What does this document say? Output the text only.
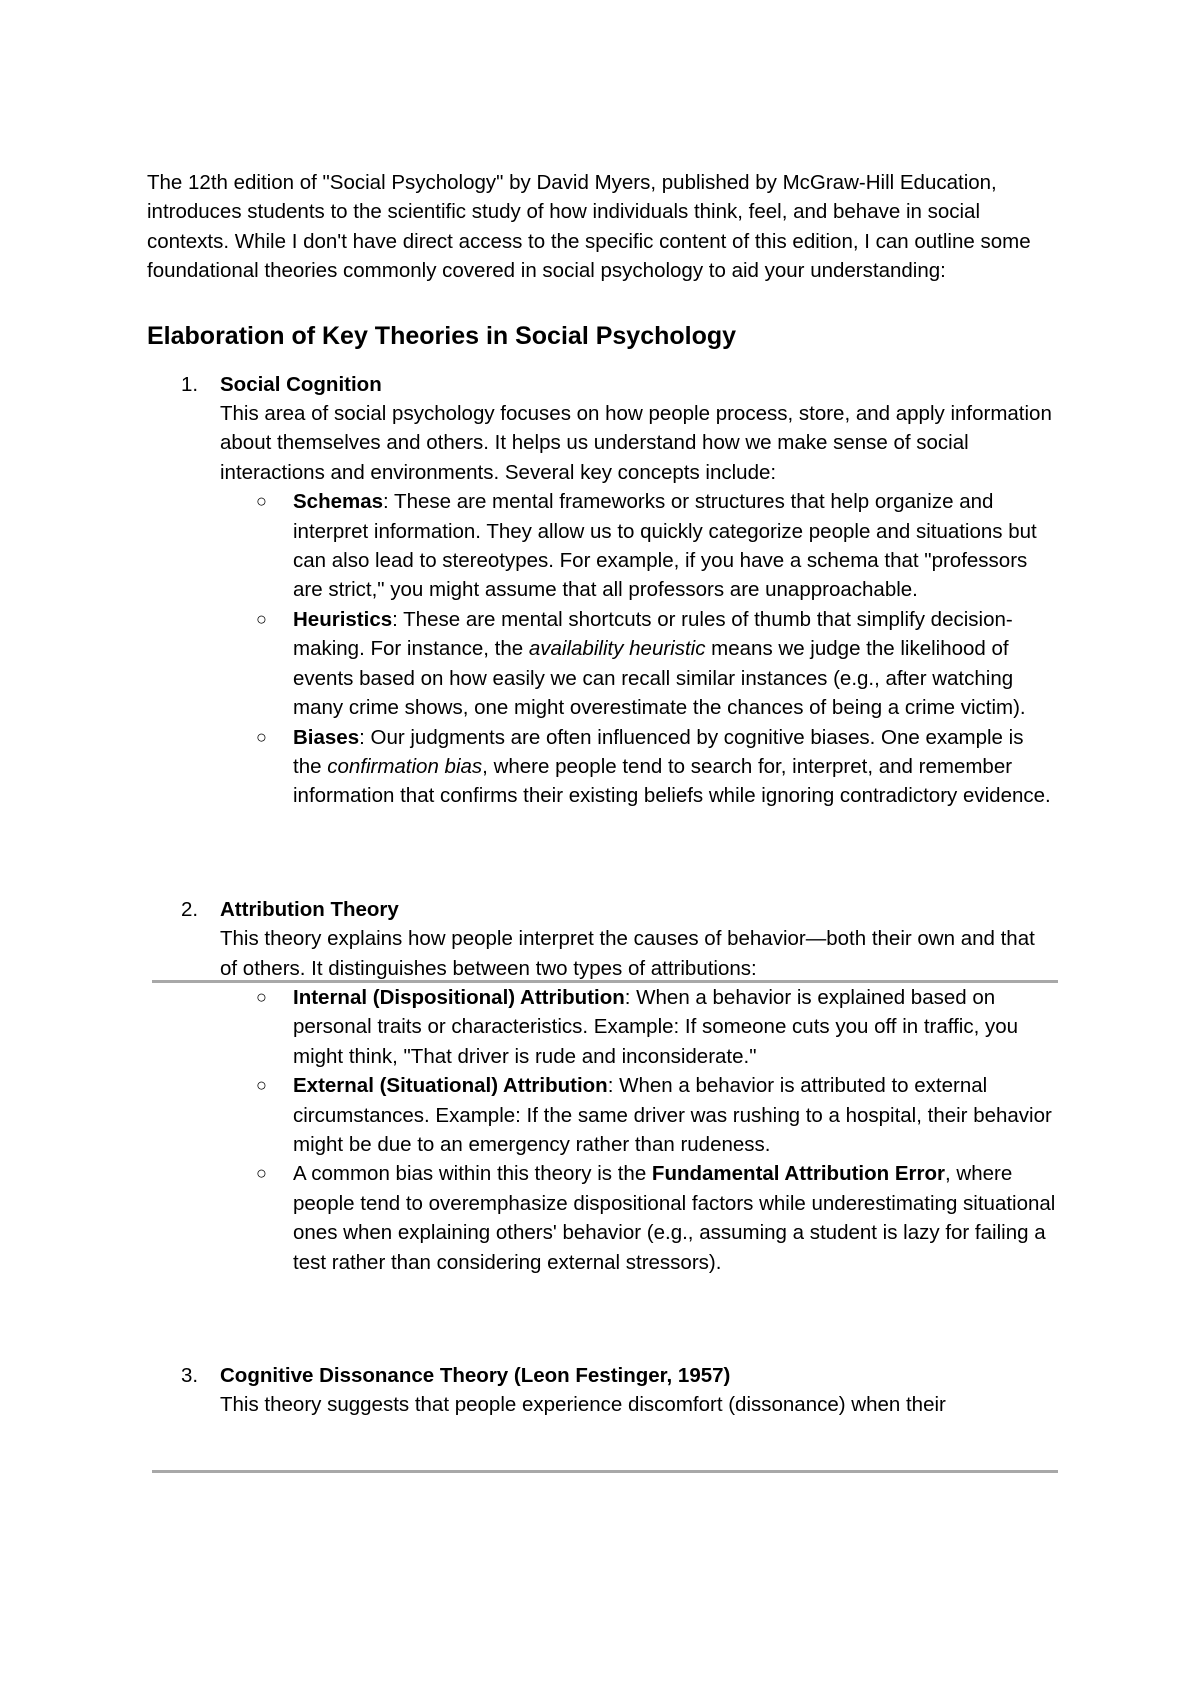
The 12th edition of "Social Psychology" by David Myers, published by McGraw-Hill Education, introduces students to the scientific study of how individuals think, feel, and behave in social contexts. While I don't have direct access to the specific content of this edition, I can outline some foundational theories commonly covered in social psychology to aid your understanding:

Elaboration of Key Theories in Social Psychology
1. Social Cognition

This area of social psychology focuses on how people process, store, and apply information about themselves and others. It helps us understand how we make sense of social interactions and environments. Several key concepts include:

○ Schemas: These are mental frameworks or structures that help organize and interpret information. They allow us to quickly categorize people and situations but can also lead to stereotypes. For example, if you have a schema that "professors are strict," you might assume that all professors are unapproachable.
○ Heuristics: These are mental shortcuts or rules of thumb that simplify decision-making. For instance, the availability heuristic means we judge the likelihood of events based on how easily we can recall similar instances (e.g., after watching many crime shows, one might overestimate the chances of being a crime victim).
○ Biases: Our judgments are often influenced by cognitive biases. One example is the confirmation bias, where people tend to search for, interpret, and remember information that confirms their existing beliefs while ignoring contradictory evidence.
2. Attribution Theory

This theory explains how people interpret the causes of behavior—both their own and that of others. It distinguishes between two types of attributions:

○ Internal (Dispositional) Attribution: When a behavior is explained based on personal traits or characteristics. Example: If someone cuts you off in traffic, you might think, "That driver is rude and inconsiderate."
○ External (Situational) Attribution: When a behavior is attributed to external circumstances. Example: If the same driver was rushing to a hospital, their behavior might be due to an emergency rather than rudeness.
○ A common bias within this theory is the Fundamental Attribution Error, where people tend to overemphasize dispositional factors while underestimating situational ones when explaining others' behavior (e.g., assuming a student is lazy for failing a test rather than considering external stressors).
3. Cognitive Dissonance Theory (Leon Festinger, 1957)

This theory suggests that people experience discomfort (dissonance) when their
